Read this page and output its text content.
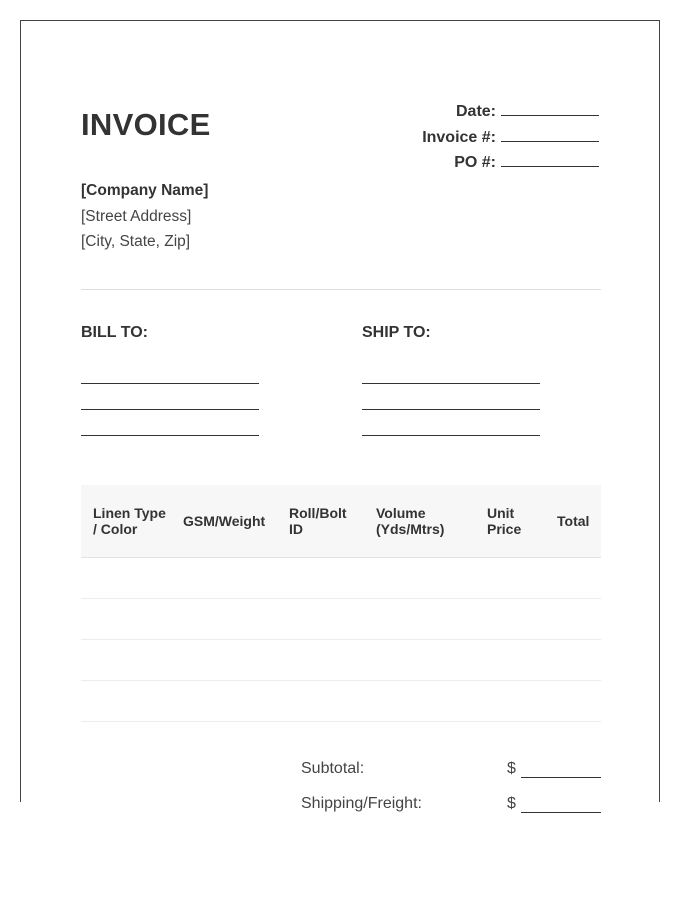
INVOICE	Date:
Invoice #:
PO #:
[Company Name]
[Street Address]
[City, State, Zip]
BILL TO:	SHIP TO:
Linen Type / Color	GSM/Weight	Roll/Bolt ID	Volume (Yds/Mtrs)	Unit Price	Total

Subtotal:	$
Shipping/Freight:	$
